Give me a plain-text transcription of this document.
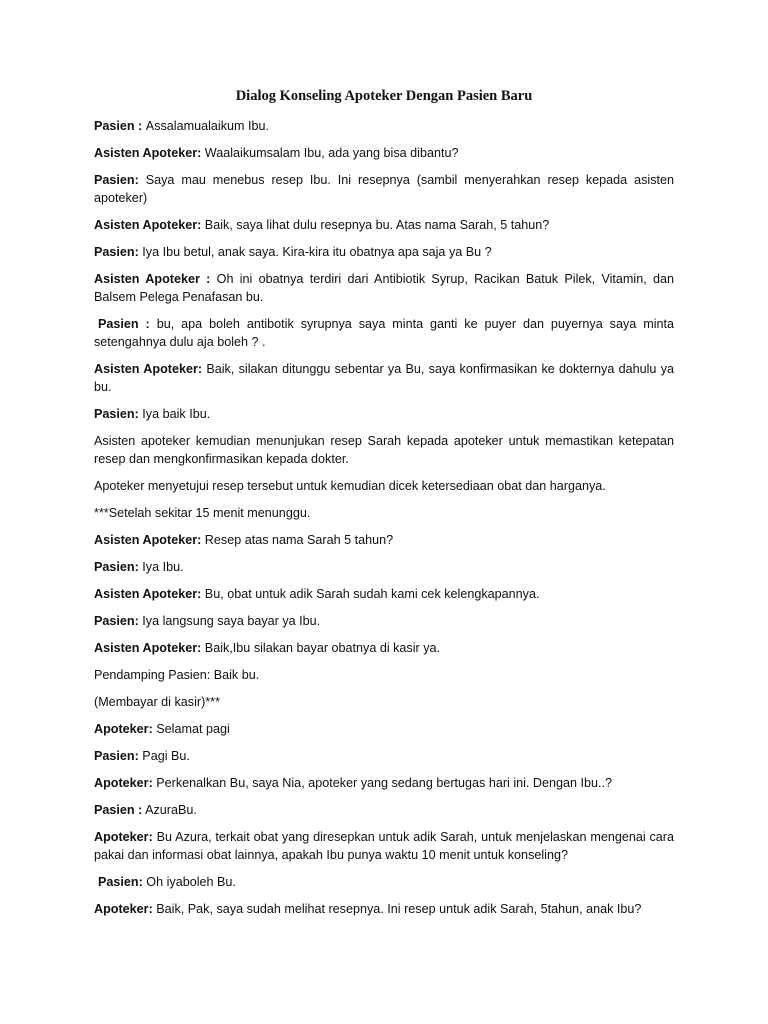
Dialog Konseling Apoteker Dengan Pasien Baru
Pasien : Assalamualaikum Ibu.
Asisten Apoteker: Waalaikumsalam Ibu, ada yang bisa dibantu?
Pasien: Saya mau menebus resep Ibu. Ini resepnya (sambil menyerahkan resep kepada asisten apoteker)
Asisten Apoteker: Baik, saya lihat dulu resepnya bu. Atas nama Sarah, 5 tahun?
Pasien: Iya Ibu betul, anak saya. Kira-kira itu obatnya apa saja ya Bu ?
Asisten Apoteker : Oh ini obatnya terdiri dari Antibiotik Syrup, Racikan Batuk Pilek, Vitamin, dan Balsem Pelega Penafasan bu.
Pasien : bu, apa boleh antibotik syrupnya saya minta ganti ke puyer dan puyernya saya minta setengahnya dulu aja boleh ? .
Asisten Apoteker: Baik, silakan ditunggu sebentar ya Bu, saya konfirmasikan ke dokternya dahulu ya bu.
Pasien: Iya baik Ibu.
Asisten apoteker kemudian menunjukan resep Sarah kepada apoteker untuk memastikan ketepatan resep dan mengkonfirmasikan kepada dokter.
Apoteker menyetujui resep tersebut untuk kemudian dicek ketersediaan obat dan harganya.
***Setelah sekitar 15 menit menunggu.
Asisten Apoteker: Resep atas nama Sarah 5 tahun?
Pasien: Iya Ibu.
Asisten Apoteker: Bu, obat untuk adik Sarah sudah kami cek kelengkapannya.
Pasien: Iya langsung saya bayar ya Ibu.
Asisten Apoteker: Baik,Ibu silakan bayar obatnya di kasir ya.
Pendamping Pasien: Baik bu.
(Membayar di kasir)***
Apoteker: Selamat pagi
Pasien: Pagi Bu.
Apoteker: Perkenalkan Bu, saya Nia, apoteker yang sedang bertugas hari ini. Dengan Ibu..?
Pasien : AzuraBu.
Apoteker: Bu Azura, terkait obat yang diresepkan untuk adik Sarah, untuk menjelaskan mengenai cara pakai dan informasi obat lainnya, apakah Ibu punya waktu 10 menit untuk konseling?
Pasien: Oh iyaboleh Bu.
Apoteker: Baik, Pak, saya sudah melihat resepnya. Ini resep untuk adik Sarah, 5tahun, anak Ibu?
